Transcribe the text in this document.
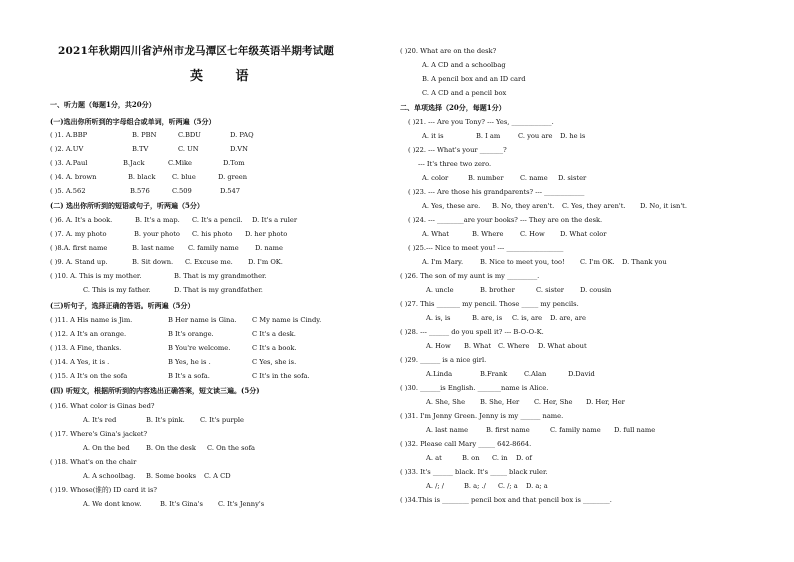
2021年秋期四川省泸州市龙马潭区七年级英语半期考试题
英 语
一、听力题（每题1分，共20分）
(一)选出你所听到的字母组合或单词，听两遍（5分）
( )1. A.BBP	B. PBN	C.BDU	D. PAQ
( )2. A.UV	B.TV	C. UN	D.VN
( )3. A.Paul	B.Jack	C.Mike	D.Tom
( )4. A. brown	B. black C. blue	D. green
( )5. A.562	B.576	C.509	D.547
(二) 选出你所听到的短语或句子，听两遍（5分）
( )6. A. It's a book.	B. It's a map. C. It's a pencil. D. It's a ruler
( )7. A. my photo	B. your photo C. his photo D. her photo
( )8.A. first name	B. last name C. family name D. name
( )9. A. Stand up.	B. Sit down. C. Excuse me. D. I'm OK.
( )10. A. This is my mother.	B. That is my grandmother.
C. This is my father.	D. That is my grandfather.
(三)听句子，选择正确的答语。听两遍（5分）
( )11. A His name is Jim.	B Her name is Gina. C My name is Cindy.
( )12. A It's an orange.	B It's orange.	C It's a desk.
( )13. A Fine, thanks.	B You're welcome.	C It's a book.
( )14. A Yes, it is .	B Yes, he is .	C Yes, she is.
( )15. A It's on the sofa	B It's a sofa.	C It's in the sofa.
(四) 听短文，根据所听到的内容选出正确答案，短文读三遍。(5分)
( )16. What color is Ginas bed?
A. It's red	B. It's pink. C. It's purple
( )17. Where's Gina's jacket?
A. On the bed B. On the desk C. On the sofa
( )18. What's on the chair
A. A schoolbag. B. Some books C. A CD
( )19. Whose(谁的) ID card it is?
A. We dont know.	B. It's Gina's C. It's Jenny's
( )20. What are on the desk?
A. A CD and a schoolbag
B. A pencil box and an ID card
C. A CD and a pencil box
二、单项选择（20分，每题1分）
( )21. --- Are you Tony? --- Yes, ____________.
A. it is	B. I am	C. you are D. he is
( )22. --- What's your _______?
--- It's three two zero.
A. color	B. number C. name D. sister
( )23. --- Are those his grandparents? --- ____________
A. Yes, these are. B. No, they aren't. C. Yes, they aren't. D. No, it isn't.
( )24. --- ________are your books? --- They are on the desk.
A. What	B. Where C. How D. What color
( )25.--- Nice to meet you! --- _________________
A. I'm Mary.	B. Nice to meet you, too! C. I'm OK. D. Thank you
( )26. The son of my aunt is my _________.
A. uncle	B. brother	C. sister D. cousin
( )27. This _______ my pencil. Those _____ my pencils.
A. is, is	B. are, is C. is, are D. are, are
( )28. --- ______ do you spell it? --- B-O-O-K.
A. How B. What C. Where D. What about
( )29. ______ is a nice girl.
A.Linda	B.Frank	C.Alan	D.David
( )30. ______is English. _______name is Alice.
A. She, She B. She, Her C. Her, She D. Her, Her
( )31. I'm Jenny Green. Jenny is my ______ name.
A. last name	B. first name	C. family name D. full name
( )32. Please call Mary _____ 642-8664.
A. at	B. on C. in D. of
( )33. It's ______ black. It's _____ black ruler.
A. /; /	B. a; ./ C. /; a D. a; a
( )34.This is ________ pencil box and that pencil box is ________.
